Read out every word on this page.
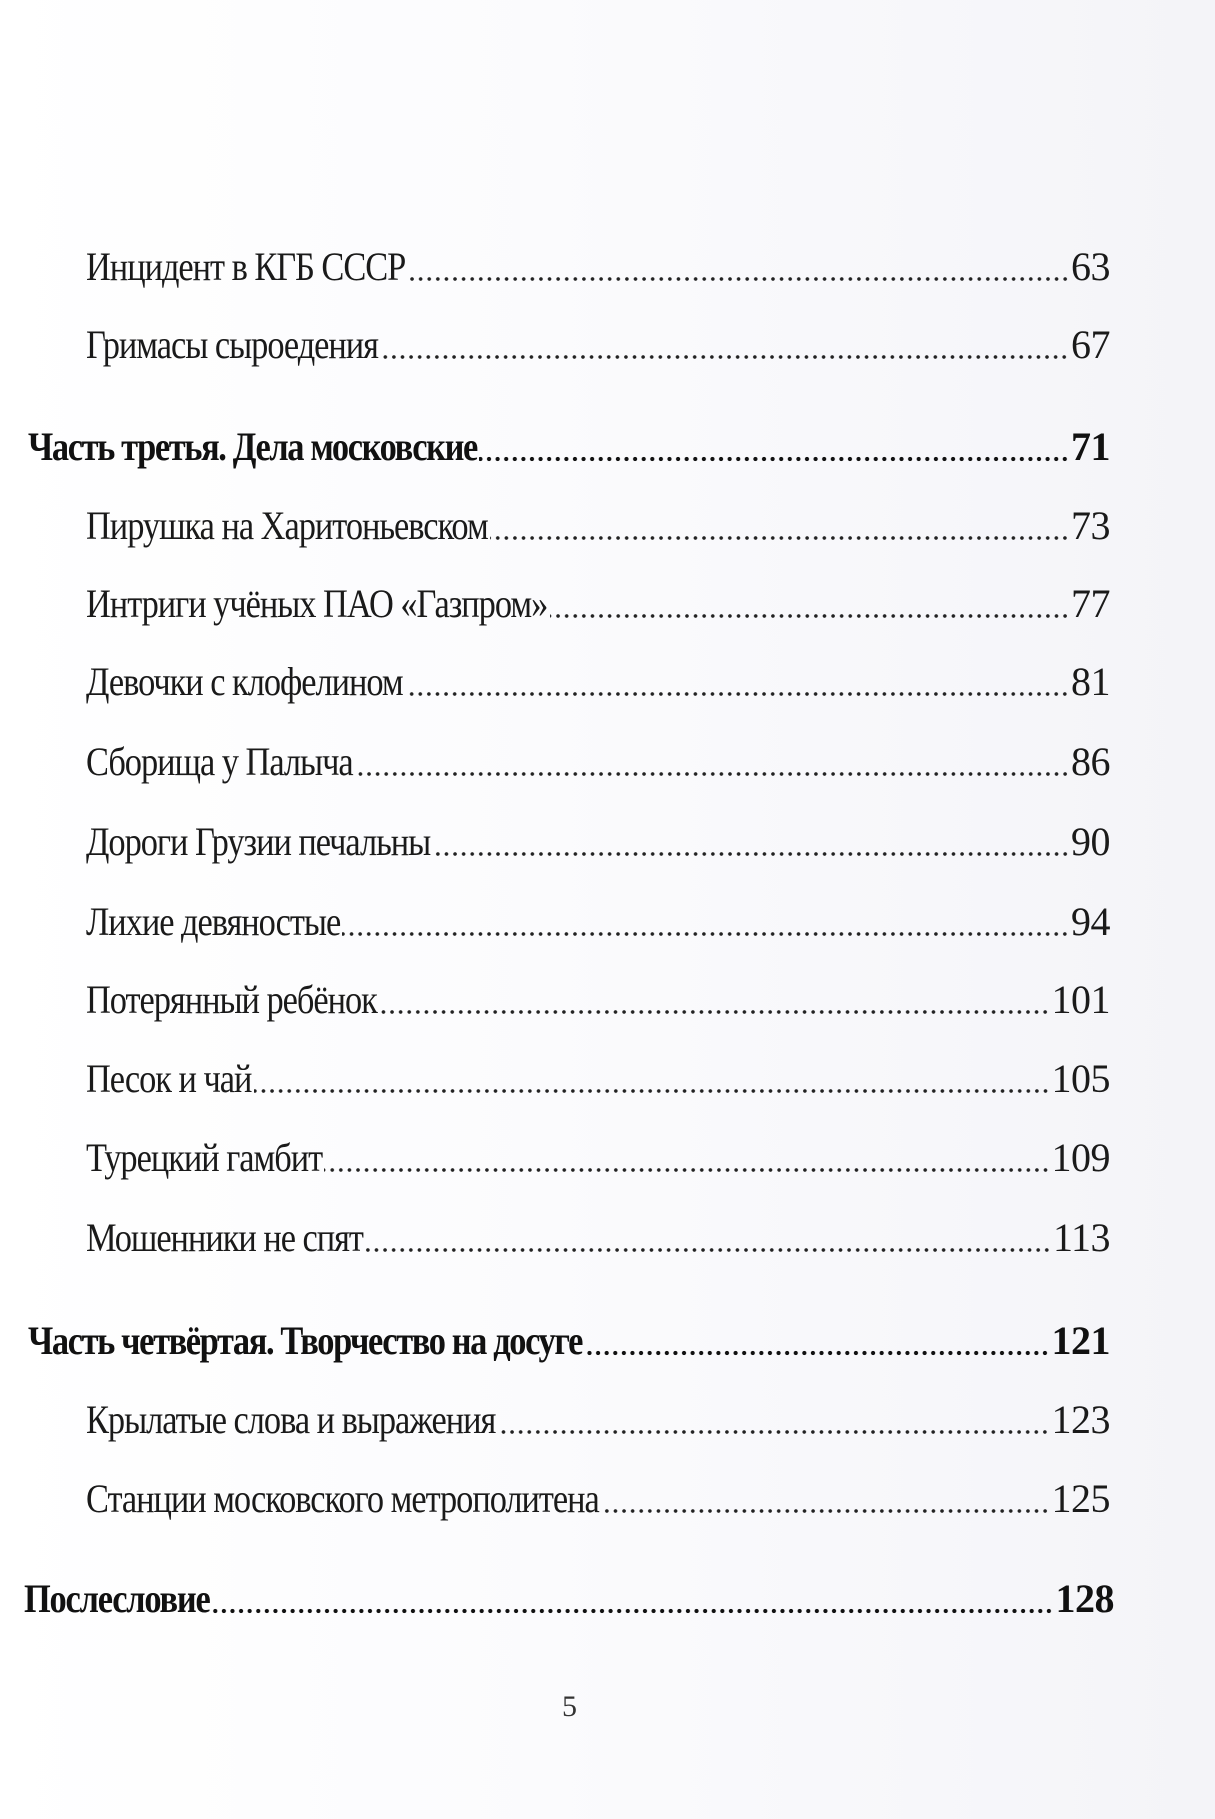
Инцидент в КГБ СССР	63
Гримасы сыроедения	67
Часть третья. Дела московские	71
Пирушка на Харитоньевском	73
Интриги учёных ПАО «Газпром»	77
Девочки с клофелином	81
Сборища у Палыча	86
Дороги Грузии печальны	90
Лихие девяностые	94
Потерянный ребёнок	101
Песок и чай	105
Турецкий гамбит	109
Мошенники не спят	113
Часть четвёртая. Творчество на досуге	121
Крылатые слова и выражения	123
Станции московского метрополитена	125
Послесловие	128
5
